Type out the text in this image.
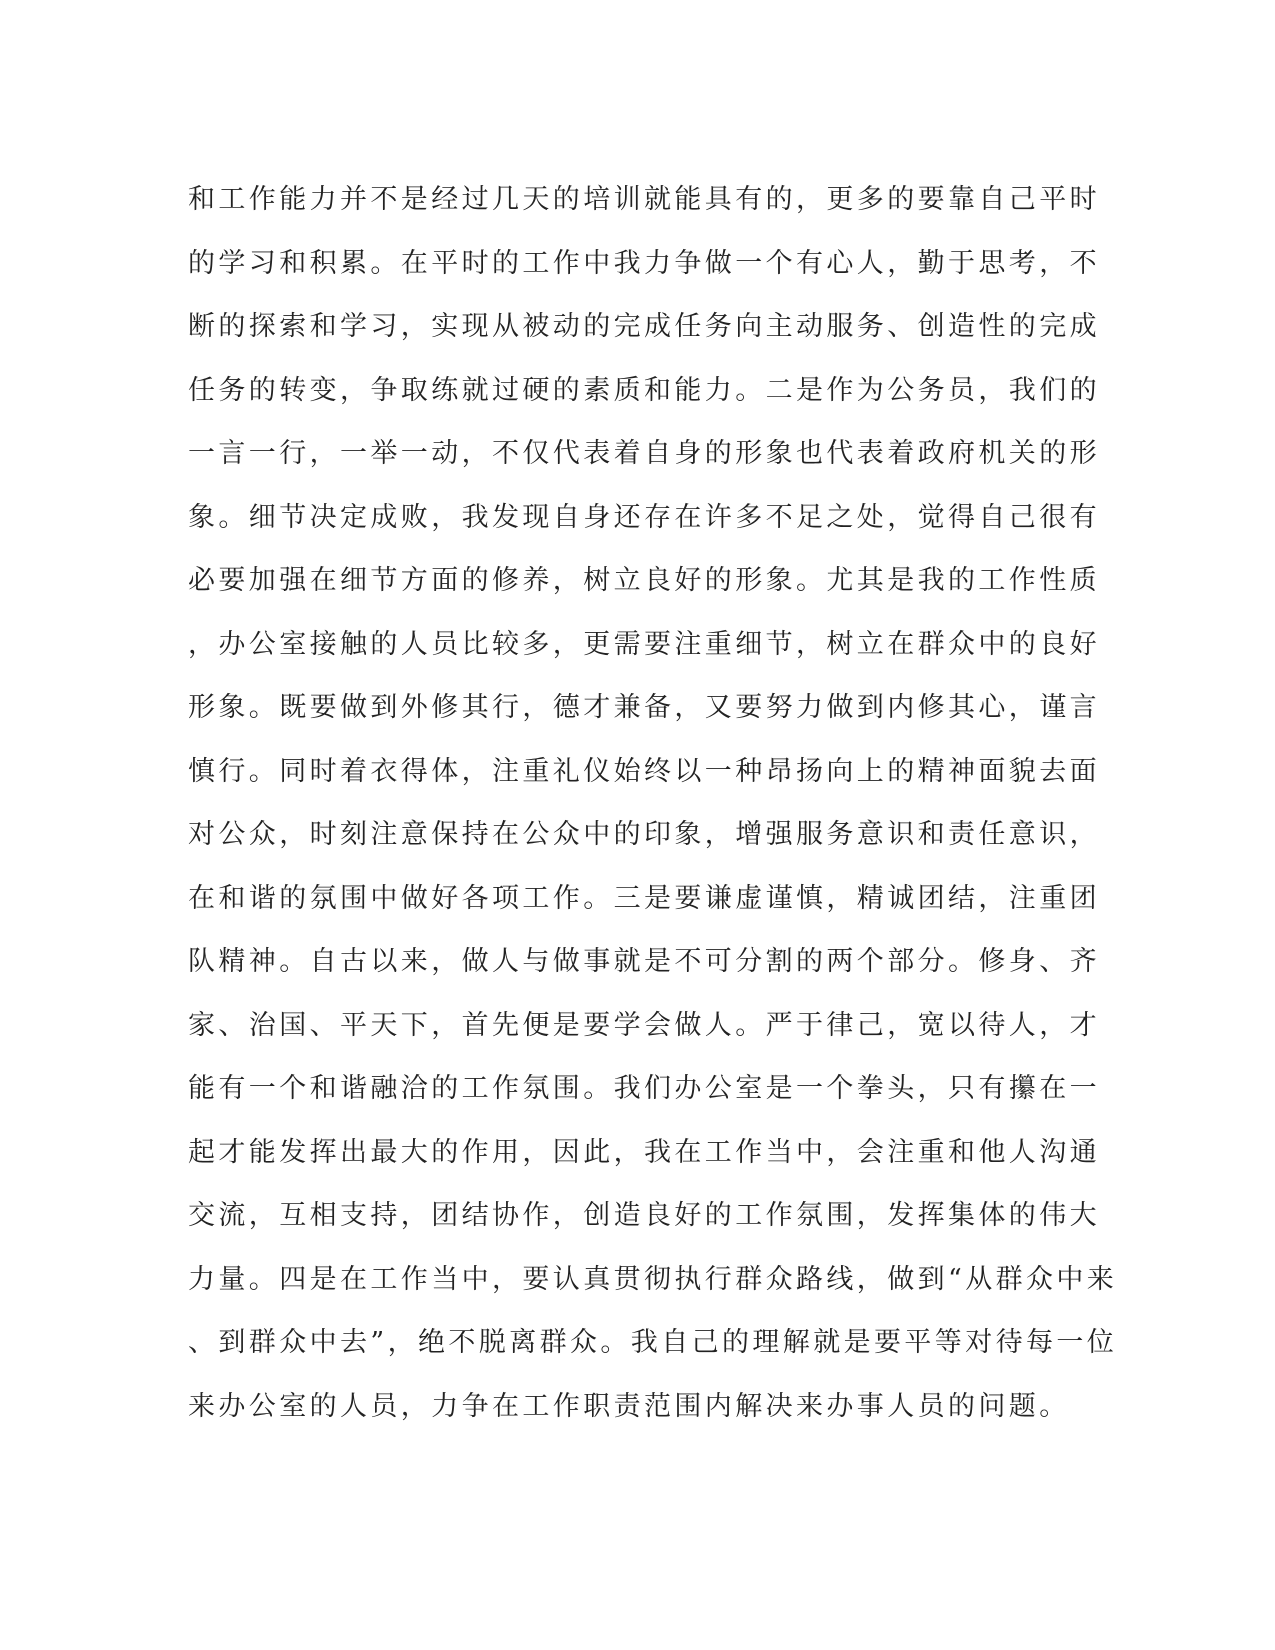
和工作能力并不是经过几天的培训就能具有的，更多的要靠自己平时
的学习和积累。在平时的工作中我力争做一个有心人，勤于思考，不
断的探索和学习，实现从被动的完成任务向主动服务、创造性的完成
任务的转变，争取练就过硬的素质和能力。二是作为公务员，我们的
一言一行，一举一动，不仅代表着自身的形象也代表着政府机关的形
象。细节决定成败，我发现自身还存在许多不足之处，觉得自己很有
必要加强在细节方面的修养，树立良好的形象。尤其是我的工作性质
，办公室接触的人员比较多，更需要注重细节，树立在群众中的良好
形象。既要做到外修其行，德才兼备，又要努力做到内修其心，谨言
慎行。同时着衣得体，注重礼仪始终以一种昂扬向上的精神面貌去面
对公众，时刻注意保持在公众中的印象，增强服务意识和责任意识，
在和谐的氛围中做好各项工作。三是要谦虚谨慎，精诚团结，注重团
队精神。自古以来，做人与做事就是不可分割的两个部分。修身、齐
家、治国、平天下，首先便是要学会做人。严于律己，宽以待人，才
能有一个和谐融洽的工作氛围。我们办公室是一个拳头，只有攥在一
起才能发挥出最大的作用，因此，我在工作当中，会注重和他人沟通
交流，互相支持，团结协作，创造良好的工作氛围，发挥集体的伟大
力量。四是在工作当中，要认真贯彻执行群众路线，做到“从群众中来
、到群众中去”，绝不脱离群众。我自己的理解就是要平等对待每一位
来办公室的人员，力争在工作职责范围内解决来办事人员的问题。
